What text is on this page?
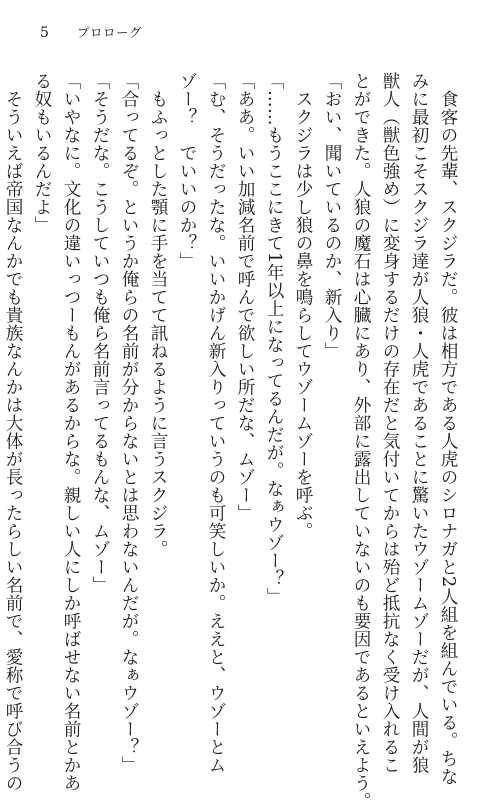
5 プロローグ

食客の先輩、スクジラだ。彼は相方である人虎のシロナガと2人組を組んでいる。ちな

みに最初こそスクジラ達が人狼・人虎であることに驚いたウゾームゾーだが、人間が狼

獣人（獣色強め）に変身するだけの存在だと気付いてからは殆ど抵抗なく受け入れるこ

とができた。人狼の魔石は心臓にあり、外部に露出していないのも要因であるといえよう。

「おい、聞いているのか、新入り」

スクジラは少し狼の鼻を鳴らしてウゾームゾーを呼ぶ。

「……もうここにきて1年以上になってるんだが。なぁウゾー？」

「ああ。いい加減名前で呼んで欲しい所だな、ムゾー」

「む、そうだったな。いいかげん新入りっていうのも可笑しいか。ええと、ウゾーとム

ゾー？　でいいのか？」

もふっとした顎に手を当てて訊ねるように言うスクジラ。

「合ってるぞ。というか俺らの名前が分からないとは思わないんだが。なぁウゾー？」

「そうだな。こうしていつも俺ら名前言ってるもんな、ムゾー」

「いやなに。文化の違いっつーもんがあるからな。親しい人にしか呼ばせない名前とかあ

る奴もいるんだよ」

そういえば帝国なんかでも貴族なんかは大体が長ったらしい名前で、愛称で呼び合うの
